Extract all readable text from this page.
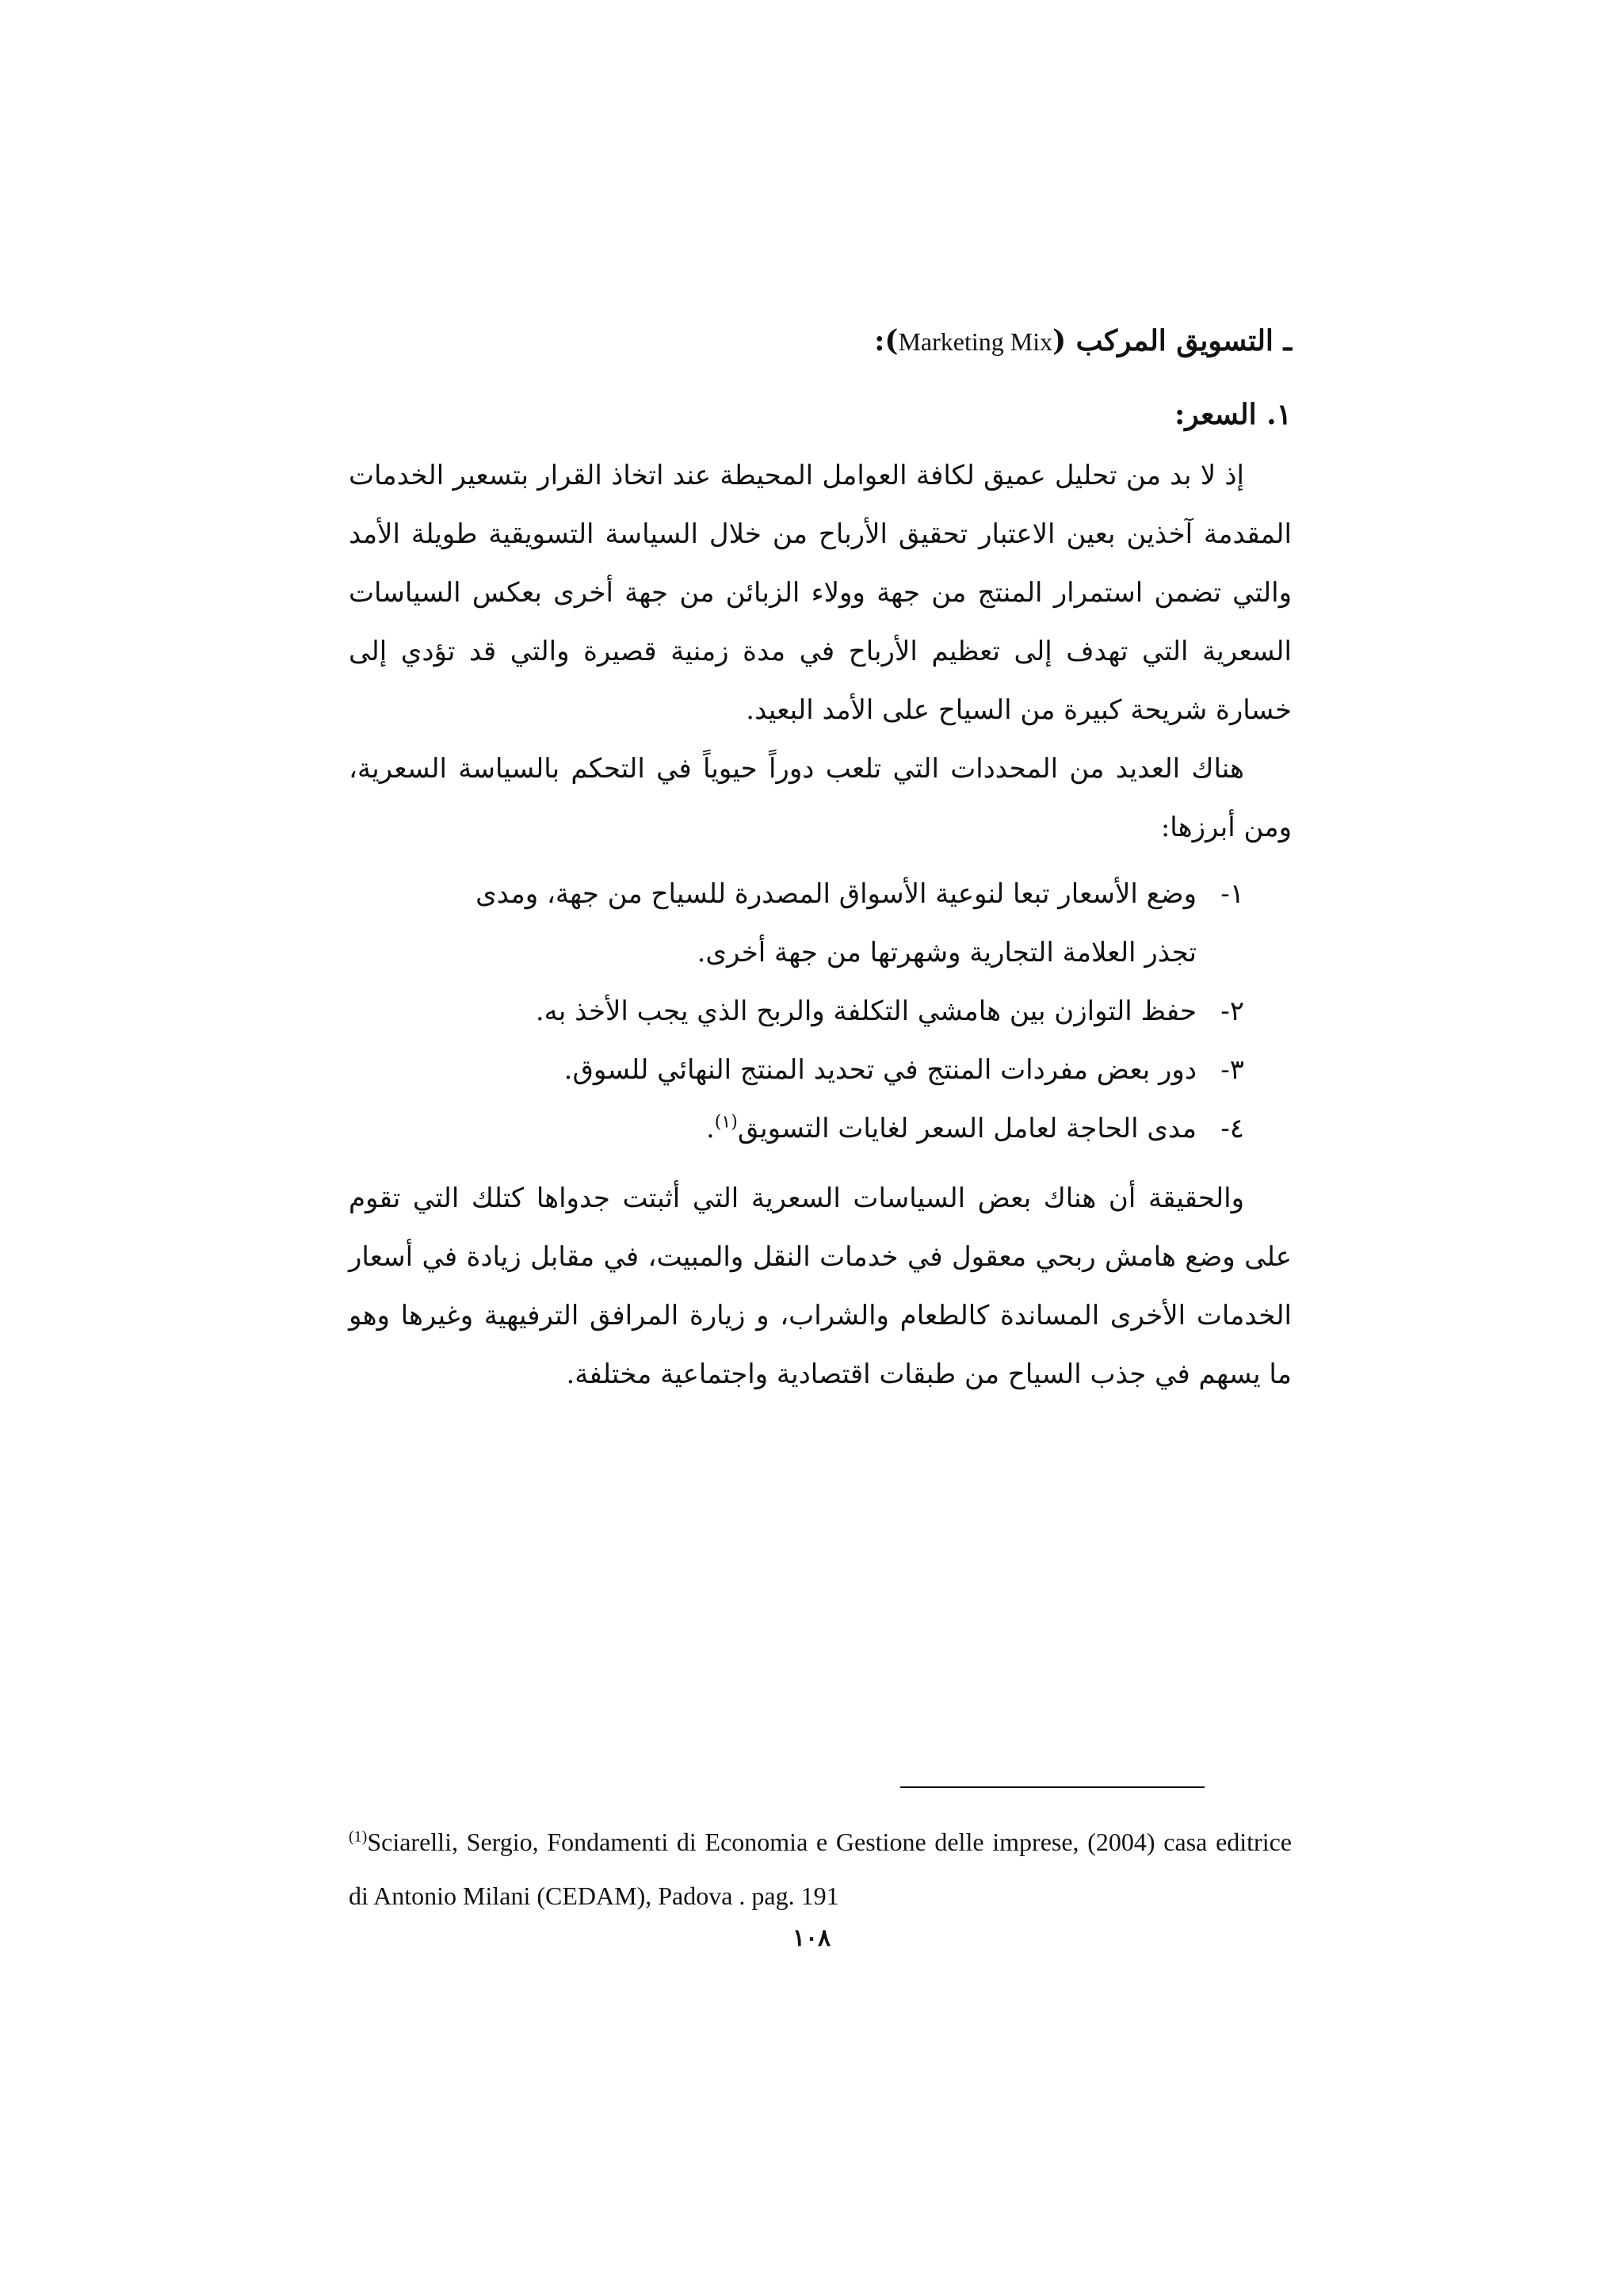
ـ التسويق المركب (Marketing Mix):
١. السعر:

إذ لا بد من تحليل عميق لكافة العوامل المحيطة عند اتخاذ القرار بتسعير الخدمات المقدمة آخذين بعين الاعتبار تحقيق الأرباح من خلال السياسة التسويقية طويلة الأمد والتي تضمن استمرار المنتج من جهة وولاء الزبائن من جهة أخرى بعكس السياسات السعرية التي تهدف إلى تعظيم الأرباح في مدة زمنية قصيرة والتي قد تؤدي إلى خسارة شريحة كبيرة من السياح على الأمد البعيد.

هناك العديد من المحددات التي تلعب دوراً حيوياً في التحكم بالسياسة السعرية، ومن أبرزها:

١-
وضع الأسعار تبعا لنوعية الأسواق المصدرة للسياح من جهة، ومدى تجذر العلامة التجارية وشهرتها من جهة أخرى.
٢-
حفظ التوازن بين هامشي التكلفة والربح الذي يجب الأخذ به.
٣-
دور بعض مفردات المنتج في تحديد المنتج النهائي للسوق.
٤-
مدى الحاجة لعامل السعر لغايات التسويق$^{(١)}$.

والحقيقة أن هناك بعض السياسات السعرية التي أثبتت جدواها كتلك التي تقوم على وضع هامش ربحي معقول في خدمات النقل والمبيت، في مقابل زيادة في أسعار الخدمات الأخرى المساندة كالطعام والشراب، و زيارة المرافق الترفيهية وغيرها وهو ما يسهم في جذب السياح من طبقات اقتصادية واجتماعية مختلفة.

$^{(1)}$Sciarelli, Sergio, Fondamenti di Economia e Gestione delle imprese, (2004) casa editrice di Antonio Milani (CEDAM), Padova . pag. 191
١٠٨
